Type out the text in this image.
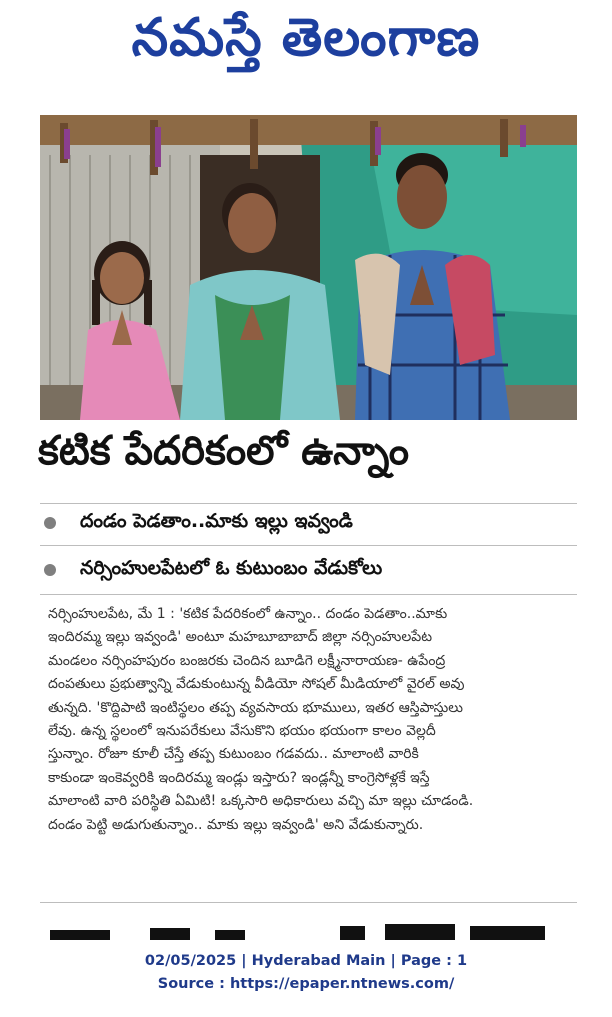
నమస్తే తెలంగాణ
కటిక పేదరికంలో ఉన్నాం
దండం పెడతాం..మాకు ఇల్లు ఇవ్వండి
నర్సింహులపేటలో ఓ కుటుంబం వేడుకోలు
నర్సింహులపేట, మే 1 : 'కటిక పేదరికంలో ఉన్నాం.. దండం పెడతాం..మాకు
ఇందిరమ్మ ఇల్లు ఇవ్వండి' అంటూ మహబూబాబాద్ జిల్లా నర్సింహులపేట
మండలం నర్సింహపురం బంజరకు చెందిన బూడిగె లక్ష్మీనారాయణ- ఉపేంద్ర
దంపతులు ప్రభుత్వాన్ని వేడుకుంటున్న వీడియో సోషల్ మీడియాలో వైరల్ అవు
తున్నది. 'కొద్దిపాటి ఇంటిస్థలం తప్ప వ్యవసాయ భూములు, ఇతర ఆస్తిపాస్తులు
లేవు. ఉన్న స్థలంలో ఇనుపరేకులు వేసుకొని భయం భయంగా కాలం వెల్లదీ
స్తున్నాం. రోజూ కూలీ చేస్తే తప్ప కుటుంబం గడవదు.. మాలాంటి వారికి
కాకుండా ఇంకెవ్వరికి ఇందిరమ్మ ఇండ్లు ఇస్తారు? ఇండ్లన్నీ కాంగ్రెసోళ్లకే ఇస్తే
మాలాంటి వారి పరిస్థితి ఏమిటి! ఒక్కసారి అధికారులు వచ్చి మా ఇల్లు చూడండి.
దండం పెట్టి అడుగుతున్నాం.. మాకు ఇల్లు ఇవ్వండి' అని వేడుకున్నారు.
02/05/2025 | Hyderabad Main | Page : 1
Source : https://epaper.ntnews.com/
